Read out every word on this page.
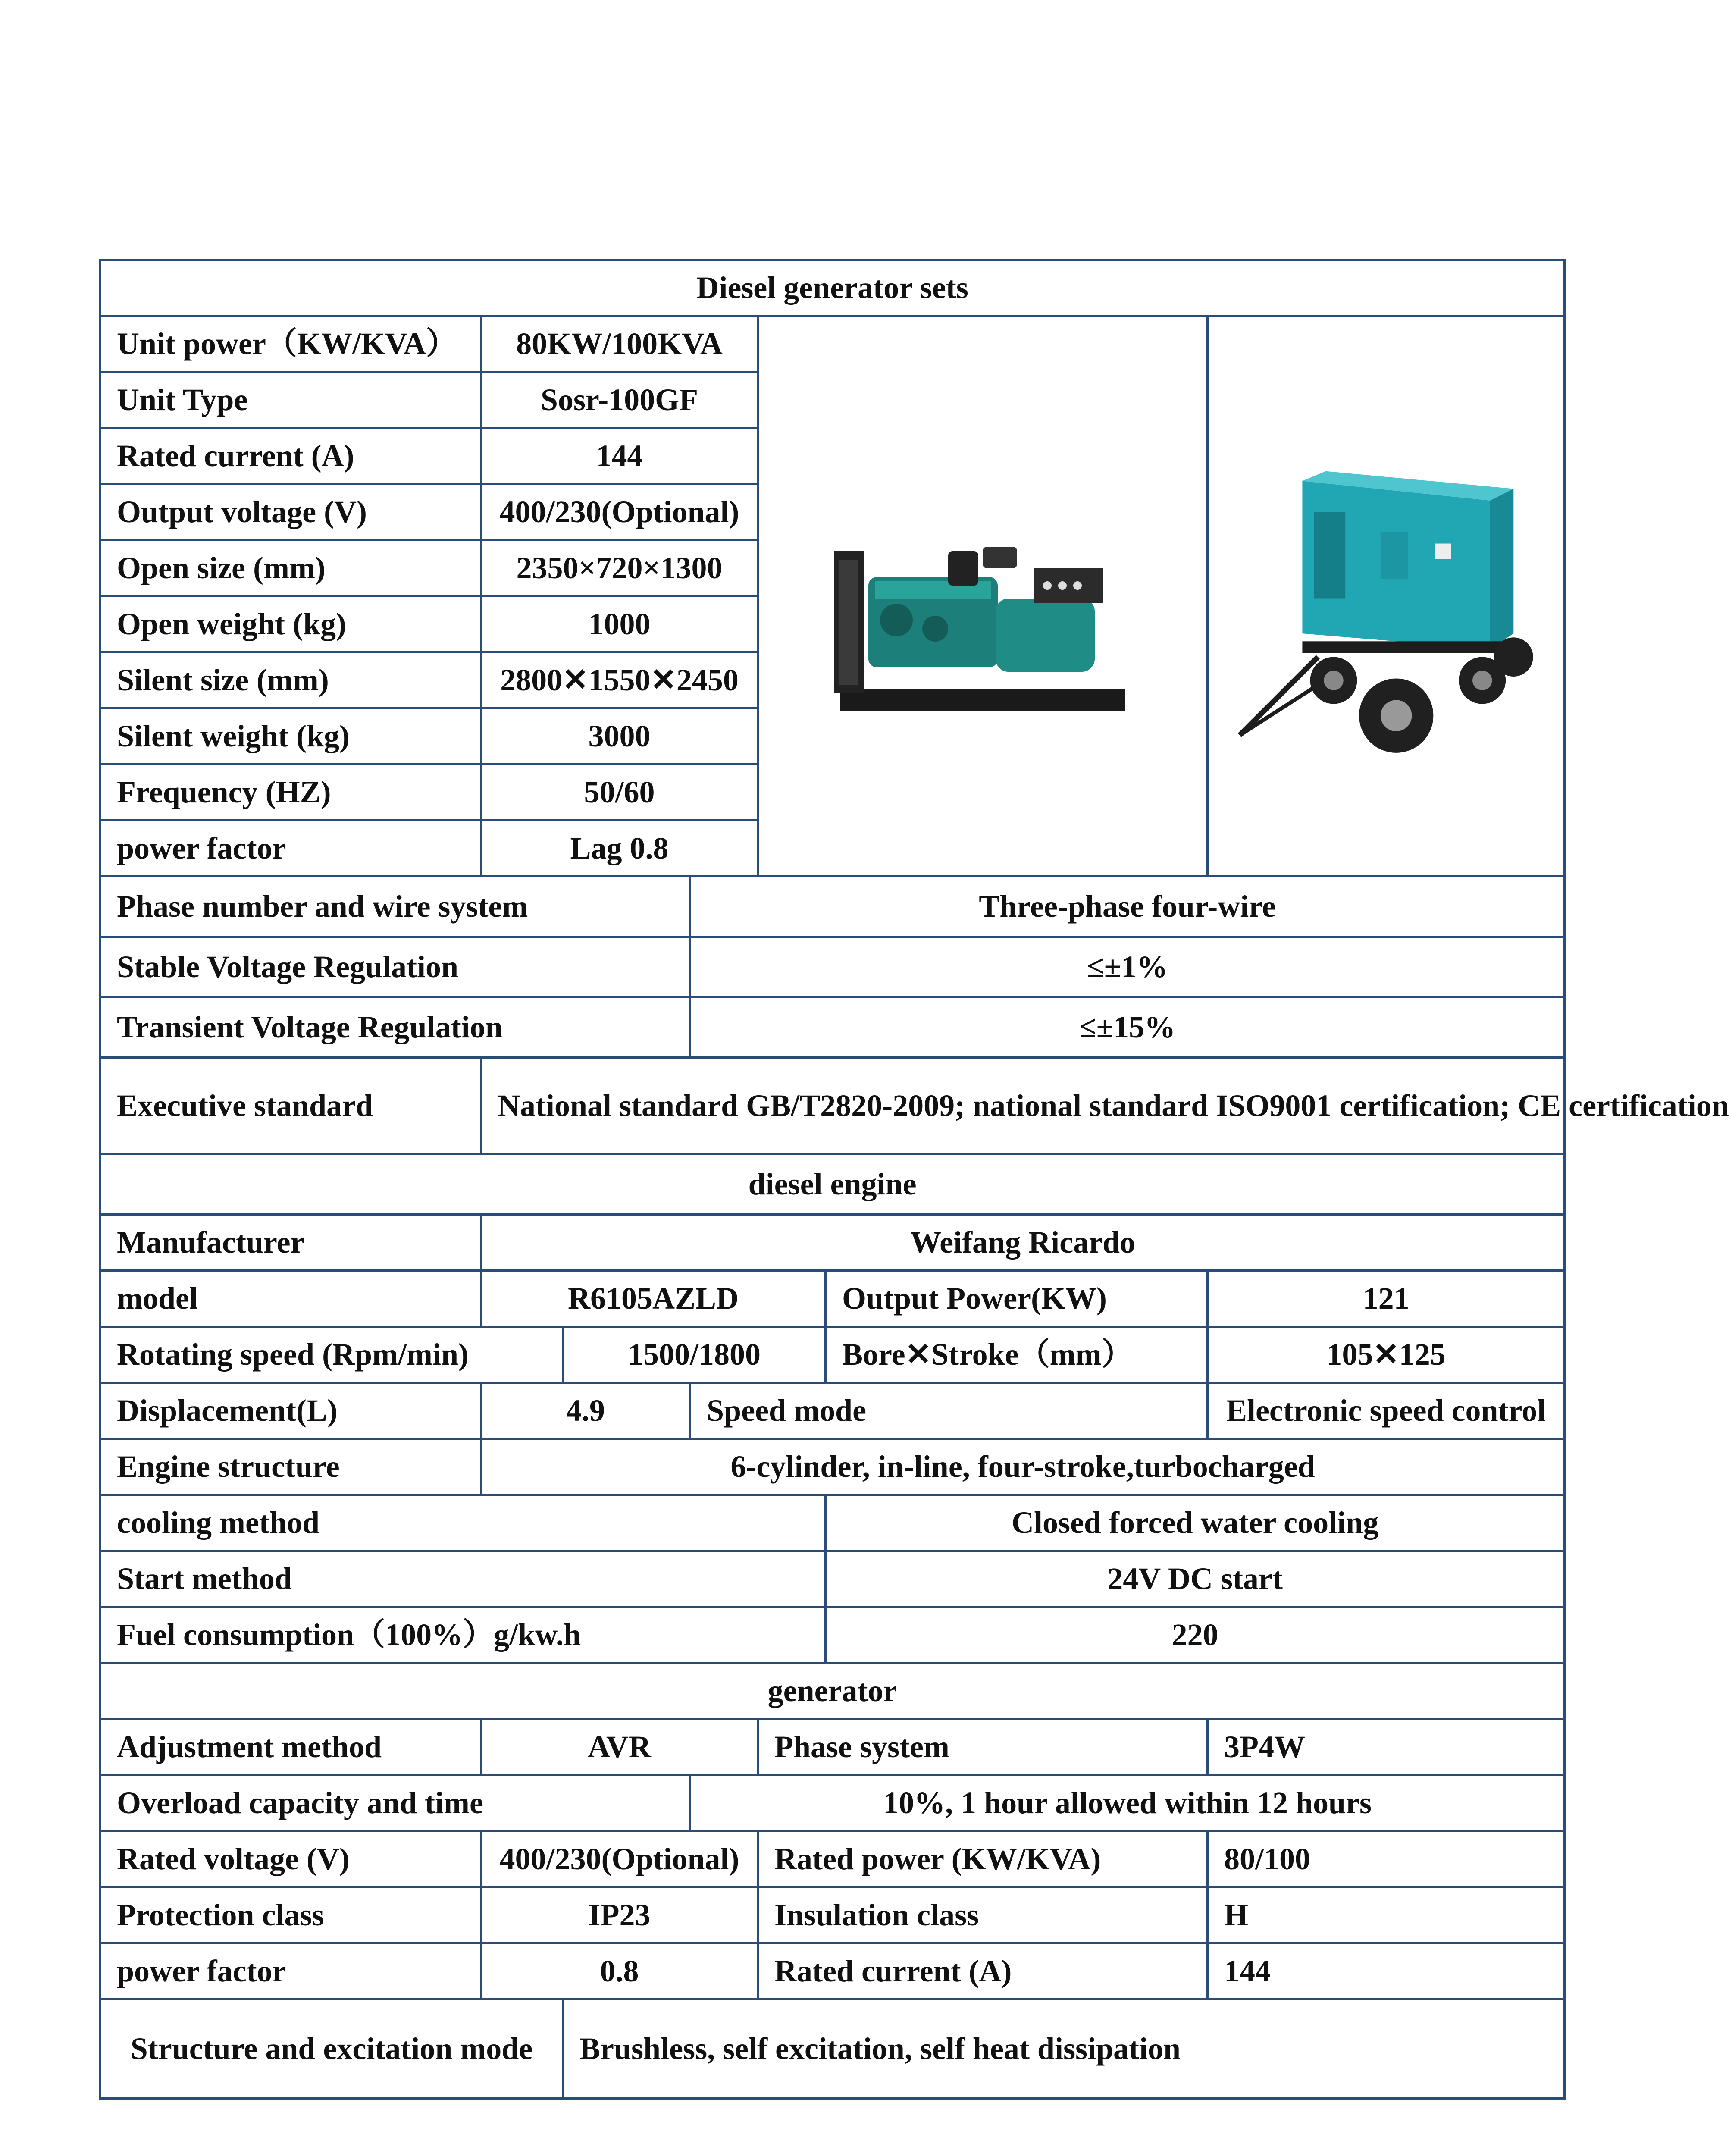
Diesel generator sets						
Unit power（KW/KVA）	80KW/100KVA	

Unit Type	Sosr-100GF					
Rated current (A)	144					
Output voltage (V)	400/230(Optional)					
Open size (mm)	2350×720×1300					
Open weight (kg)	1000					
Silent size (mm)	2800✕1550✕2450					
Silent weight (kg)	3000					
Frequency (HZ)	50/60					
power factor	Lag 0.8					
Phase number and wire system			Three-phase four-wire			
Stable Voltage Regulation			≤±1%			
Transient Voltage Regulation			≤±15%			
Executive standard	National standard GB/T2820-2009; national standard ISO9001 certification; CE certification					
diesel engine						
Manufacturer	Weifang Ricardo					
model	R6105AZLD				Output Power(KW)	121
Rotating speed (Rpm/min)		1500/1800			Bore✕Stroke（mm）	105✕125
Displacement(L)	4.9		Speed mode			Electronic speed control
Engine structure	6-cylinder, in-line, four-stroke,turbocharged					
cooling method					Closed forced water cooling	
Start method					24V DC start	
Fuel consumption（100%）g/kw.h					220	
generator						
Adjustment method	AVR			Phase system		3P4W
Overload capacity and time			10%, 1 hour allowed within 12 hours			
Rated voltage (V)	400/230(Optional)			Rated power (KW/KVA)		80/100
Protection class	IP23			Insulation class		H
power factor	0.8			Rated current (A)		144
Structure and excitation mode		Brushless, self excitation, self heat dissipation				
